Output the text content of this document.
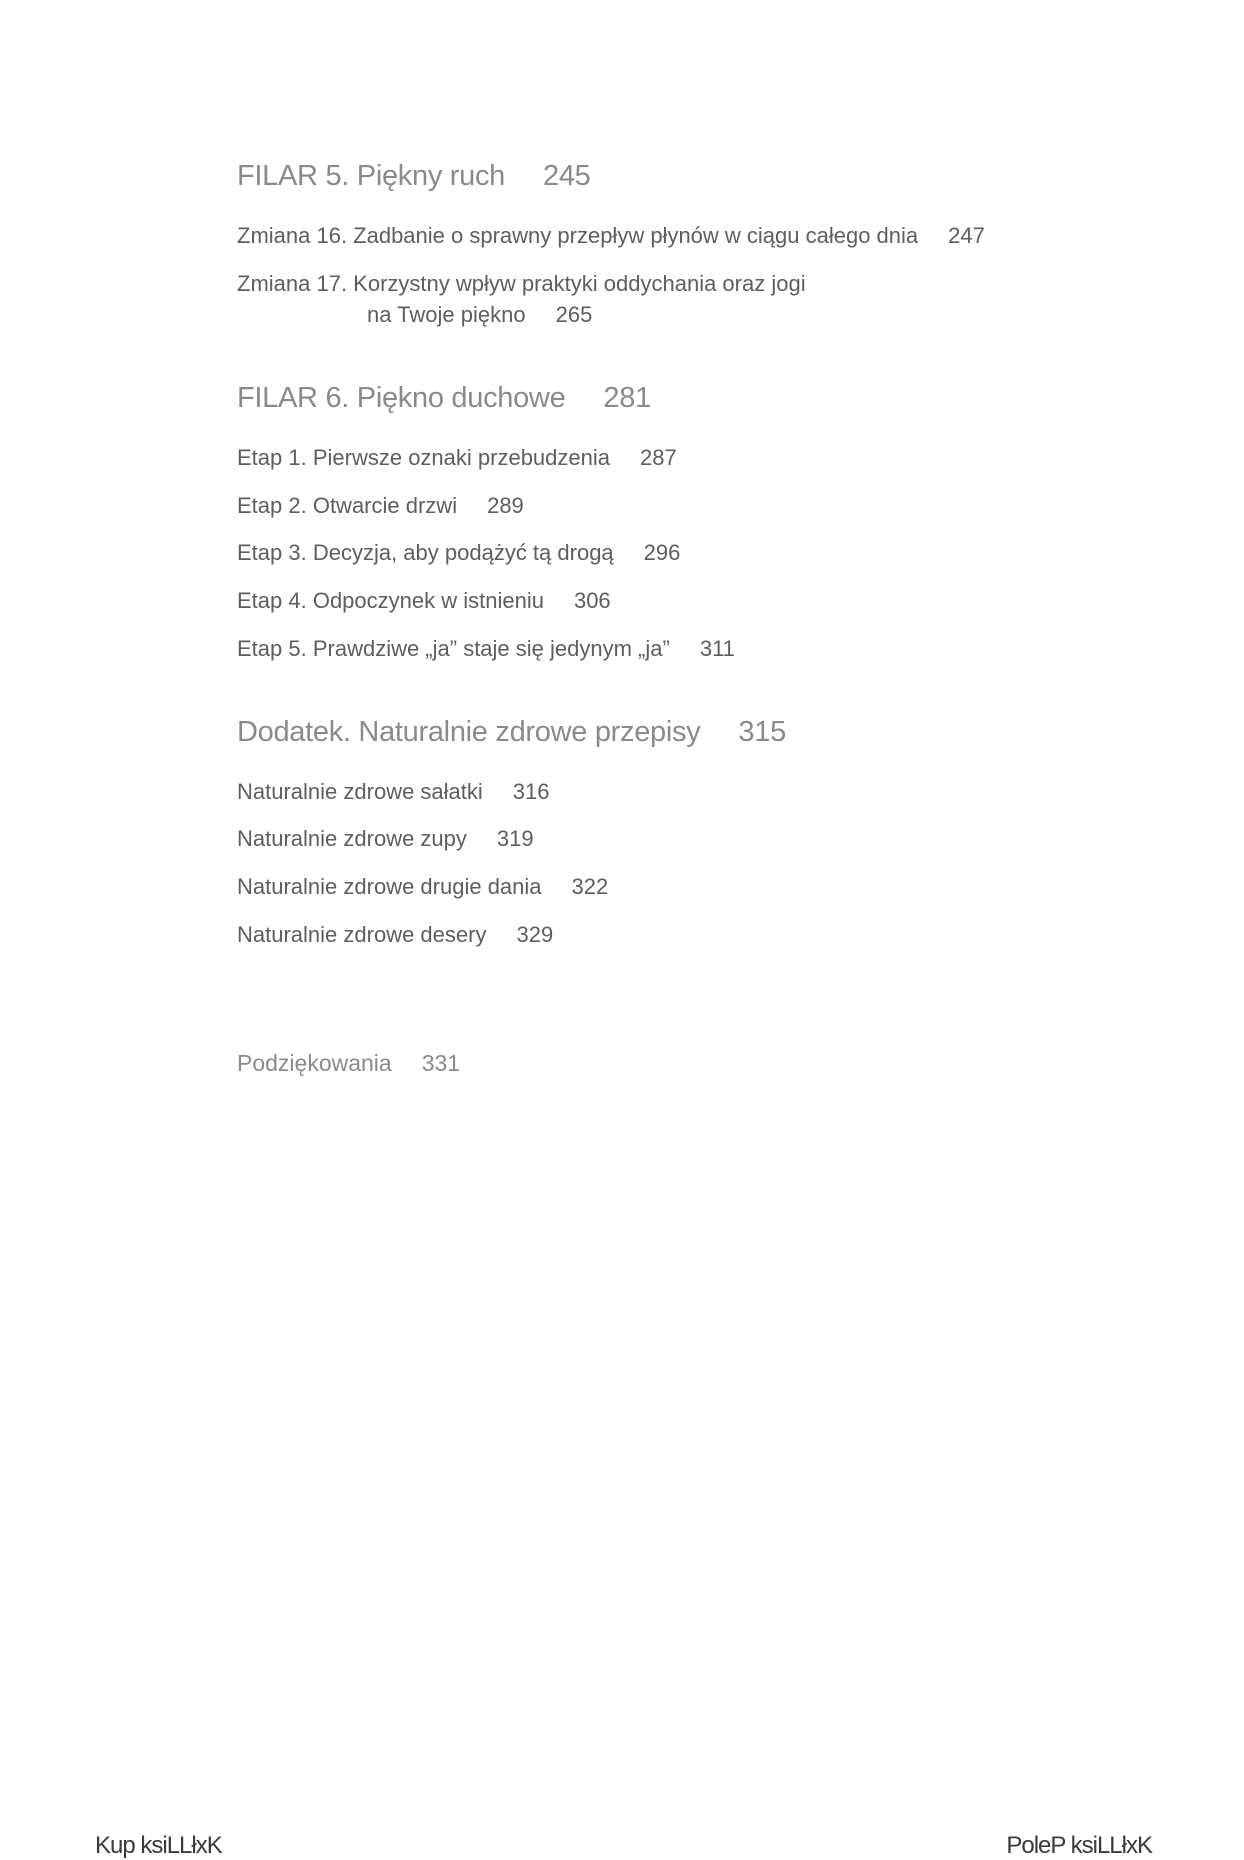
FILAR 5. Piękny ruch 245
Zmiana 16. Zadbanie o sprawny przepływ płynów w ciągu całego dnia 247
Zmiana 17. Korzystny wpływ praktyki oddychania oraz jogi
na Twoje piękno 265
FILAR 6. Piękno duchowe 281
Etap 1. Pierwsze oznaki przebudzenia 287
Etap 2. Otwarcie drzwi 289
Etap 3. Decyzja, aby podążyć tą drogą 296
Etap 4. Odpoczynek w istnieniu 306
Etap 5. Prawdziwe „ja” staje się jedynym „ja” 311
Dodatek. Naturalnie zdrowe przepisy 315
Naturalnie zdrowe sałatki 316
Naturalnie zdrowe zupy 319
Naturalnie zdrowe drugie dania 322
Naturalnie zdrowe desery 329
Podziękowania 331
Kup ksiLLłxK	PoleP ksiLLłxK
